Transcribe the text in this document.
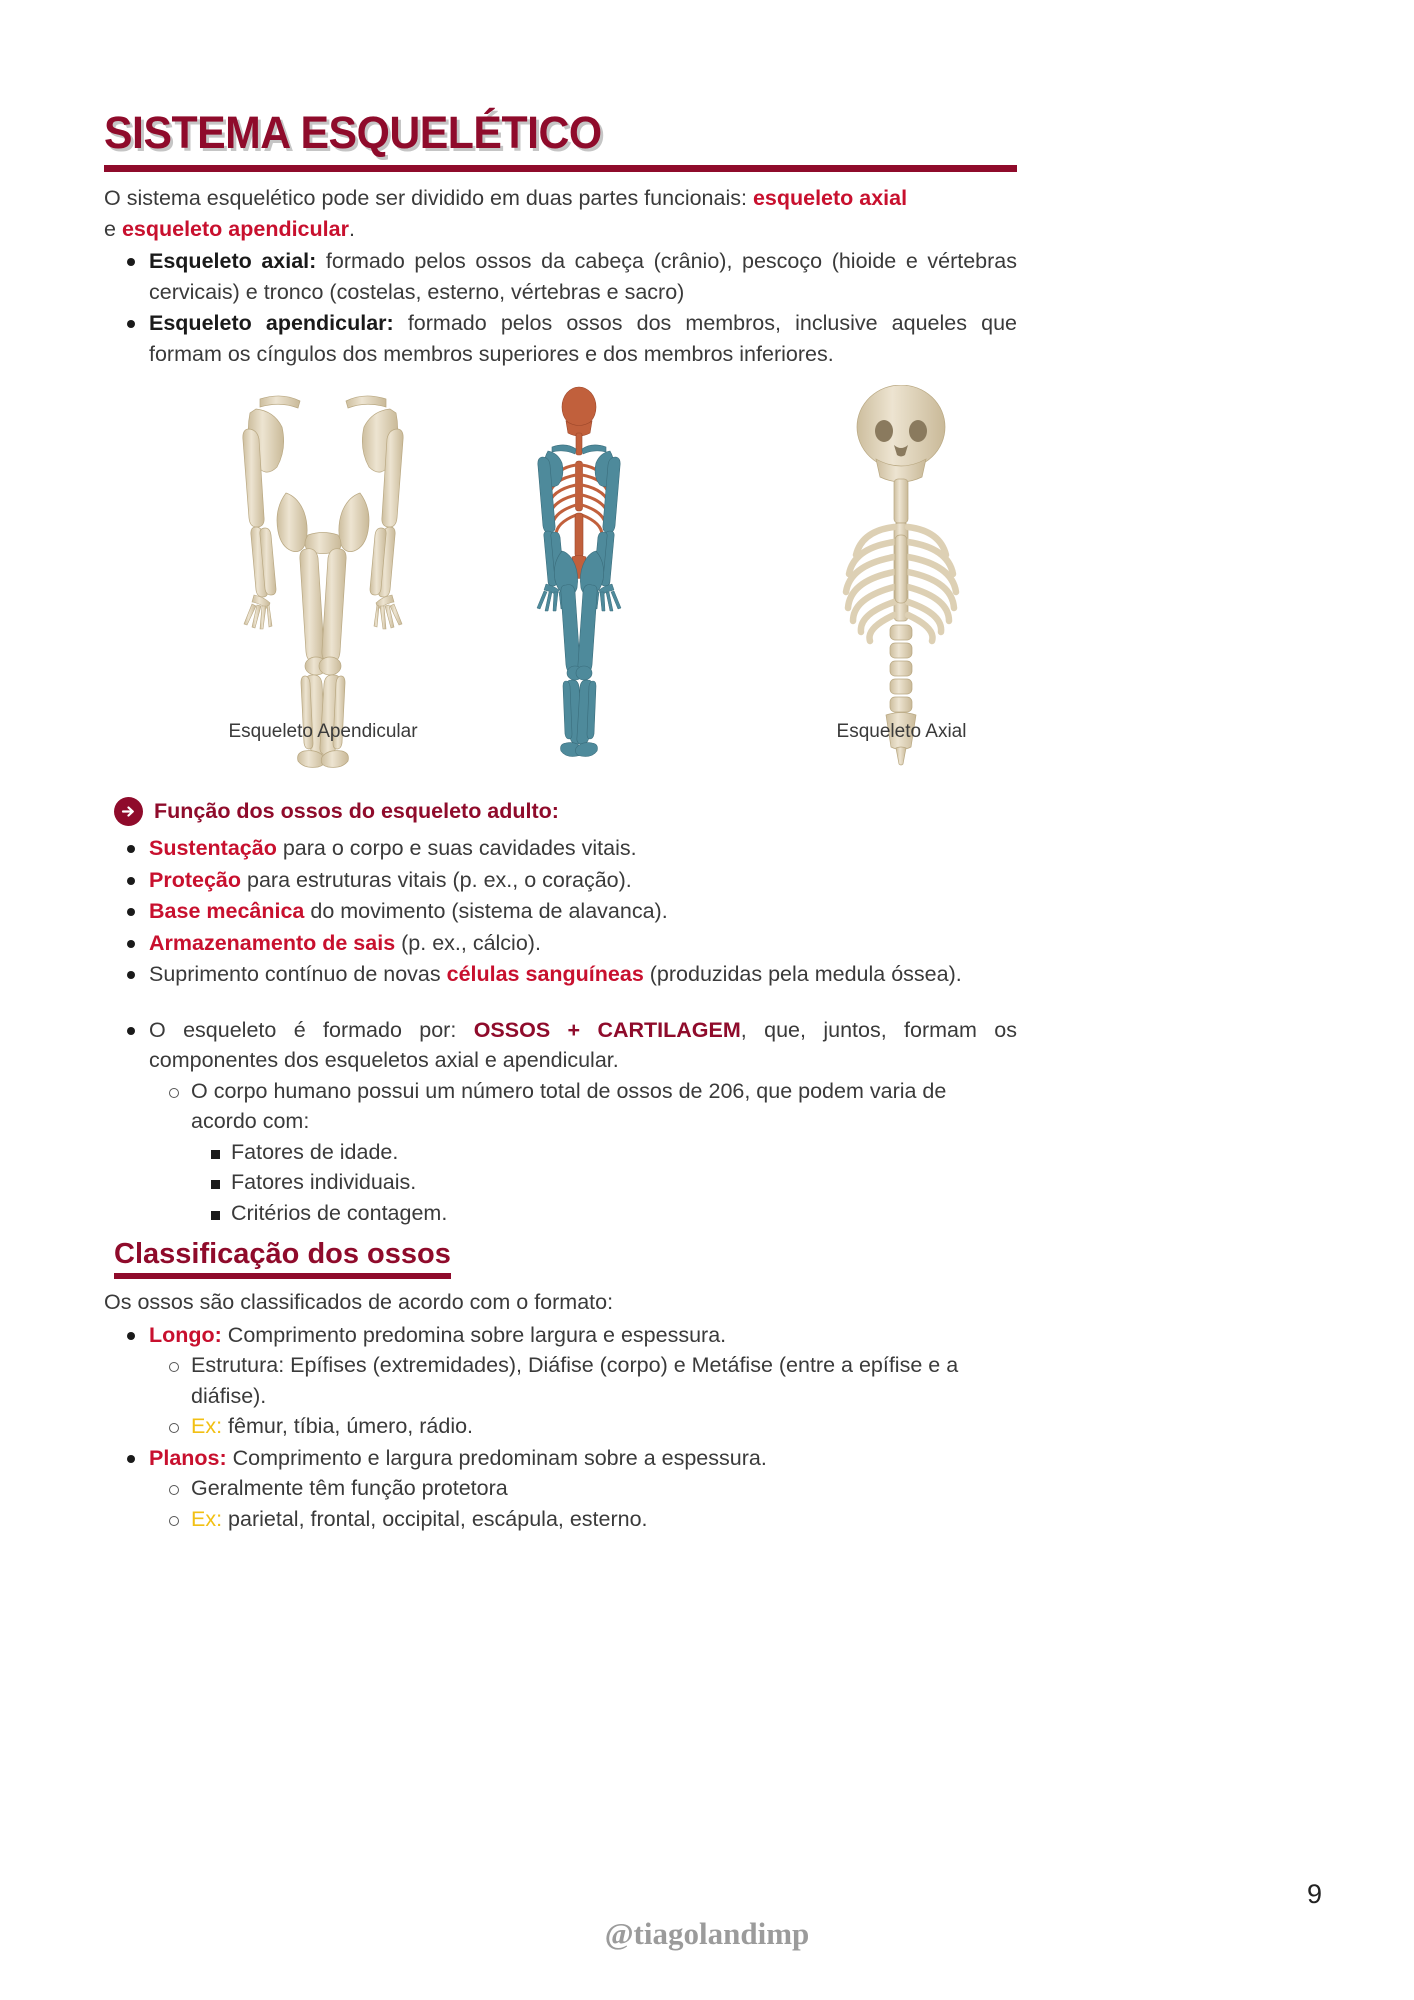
SISTEMA ESQUELÉTICO

O sistema esquelético pode ser dividido em duas partes funcionais: esqueleto axial
e esqueleto apendicular.

Esqueleto axial: formado pelos ossos da cabeça (crânio), pescoço (hioide e vértebras cervicais) e tronco (costelas, esterno, vértebras e sacro)
Esqueleto apendicular: formado pelos ossos dos membros, inclusive aqueles que formam os cíngulos dos membros superiores e dos membros inferiores.
Esqueleto Apendicular	Esqueleto Axial
Função dos ossos do esqueleto adulto:
Sustentação para o corpo e suas cavidades vitais.
Proteção para estruturas vitais (p. ex., o coração).
Base mecânica do movimento (sistema de alavanca).
Armazenamento de sais (p. ex., cálcio).
Suprimento contínuo de novas células sanguíneas (produzidas pela medula óssea).
O esqueleto é formado por: OSSOS + CARTILAGEM, que, juntos, formam os componentes dos esqueletos axial e apendicular.
O corpo humano possui um número total de ossos de 206, que podem varia de acordo com:
Fatores de idade.
Fatores individuais.
Critérios de contagem.
Classificação dos ossos

Os ossos são classificados de acordo com o formato:

Longo: Comprimento predomina sobre largura e espessura.
Estrutura: Epífises (extremidades), Diáfise (corpo) e Metáfise (entre a epífise e a diáfise).
Ex: fêmur, tíbia, úmero, rádio.
Planos: Comprimento e largura predominam sobre a espessura.
Geralmente têm função protetora
Ex: parietal, frontal, occipital, escápula, esterno.
9
@tiagolandimp
